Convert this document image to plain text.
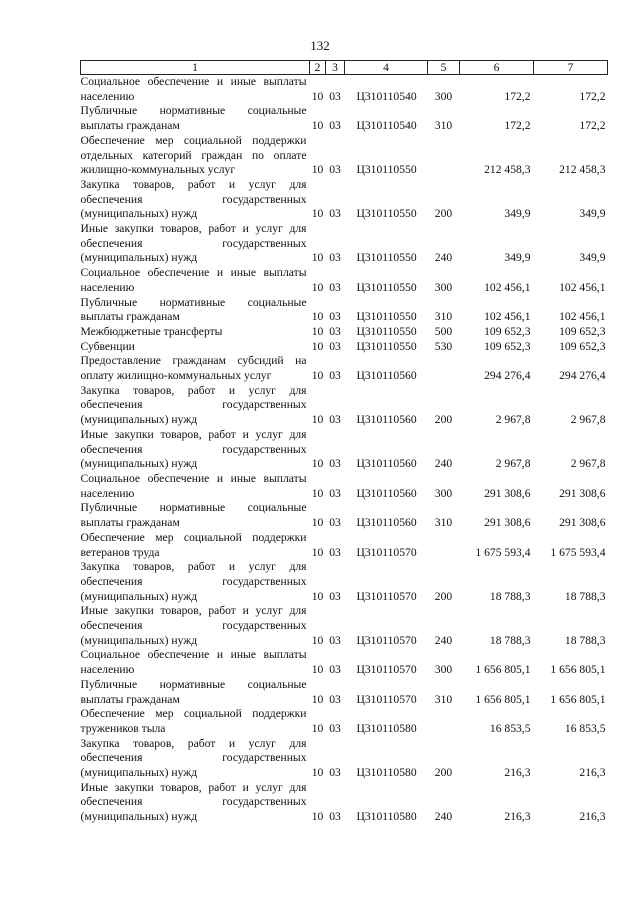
132
1	2	3	4	5	6	7
Социальное обеспечение и иные выплаты населению	10	03	Ц310110540	300	172,2	172,2
Публичные нормативные социальные выплаты гражданам	10	03	Ц310110540	310	172,2	172,2
Обеспечение мер социальной поддержки отдельных категорий граждан по оплате жилищно-коммунальных услуг	10	03	Ц310110550		212 458,3	212 458,3
Закупка товаров, работ и услуг для обеспечения государственных (муниципальных) нужд	10	03	Ц310110550	200	349,9	349,9
Иные закупки товаров, работ и услуг для обеспечения государственных (муниципальных) нужд	10	03	Ц310110550	240	349,9	349,9
Социальное обеспечение и иные выплаты населению	10	03	Ц310110550	300	102 456,1	102 456,1
Публичные нормативные социальные выплаты гражданам	10	03	Ц310110550	310	102 456,1	102 456,1
Межбюджетные трансферты	10	03	Ц310110550	500	109 652,3	109 652,3
Субвенции	10	03	Ц310110550	530	109 652,3	109 652,3
Предоставление гражданам субсидий на оплату жилищно-коммунальных услуг	10	03	Ц310110560		294 276,4	294 276,4
Закупка товаров, работ и услуг для обеспечения государственных (муниципальных) нужд	10	03	Ц310110560	200	2 967,8	2 967,8
Иные закупки товаров, работ и услуг для обеспечения государственных (муниципальных) нужд	10	03	Ц310110560	240	2 967,8	2 967,8
Социальное обеспечение и иные выплаты населению	10	03	Ц310110560	300	291 308,6	291 308,6
Публичные нормативные социальные выплаты гражданам	10	03	Ц310110560	310	291 308,6	291 308,6
Обеспечение мер социальной поддержки ветеранов труда	10	03	Ц310110570		1 675 593,4	1 675 593,4
Закупка товаров, работ и услуг для обеспечения государственных (муниципальных) нужд	10	03	Ц310110570	200	18 788,3	18 788,3
Иные закупки товаров, работ и услуг для обеспечения государственных (муниципальных) нужд	10	03	Ц310110570	240	18 788,3	18 788,3
Социальное обеспечение и иные выплаты населению	10	03	Ц310110570	300	1 656 805,1	1 656 805,1
Публичные нормативные социальные выплаты гражданам	10	03	Ц310110570	310	1 656 805,1	1 656 805,1
Обеспечение мер социальной поддержки тружеников тыла	10	03	Ц310110580		16 853,5	16 853,5
Закупка товаров, работ и услуг для обеспечения государственных (муниципальных) нужд	10	03	Ц310110580	200	216,3	216,3
Иные закупки товаров, работ и услуг для обеспечения государственных (муниципальных) нужд	10	03	Ц310110580	240	216,3	216,3
